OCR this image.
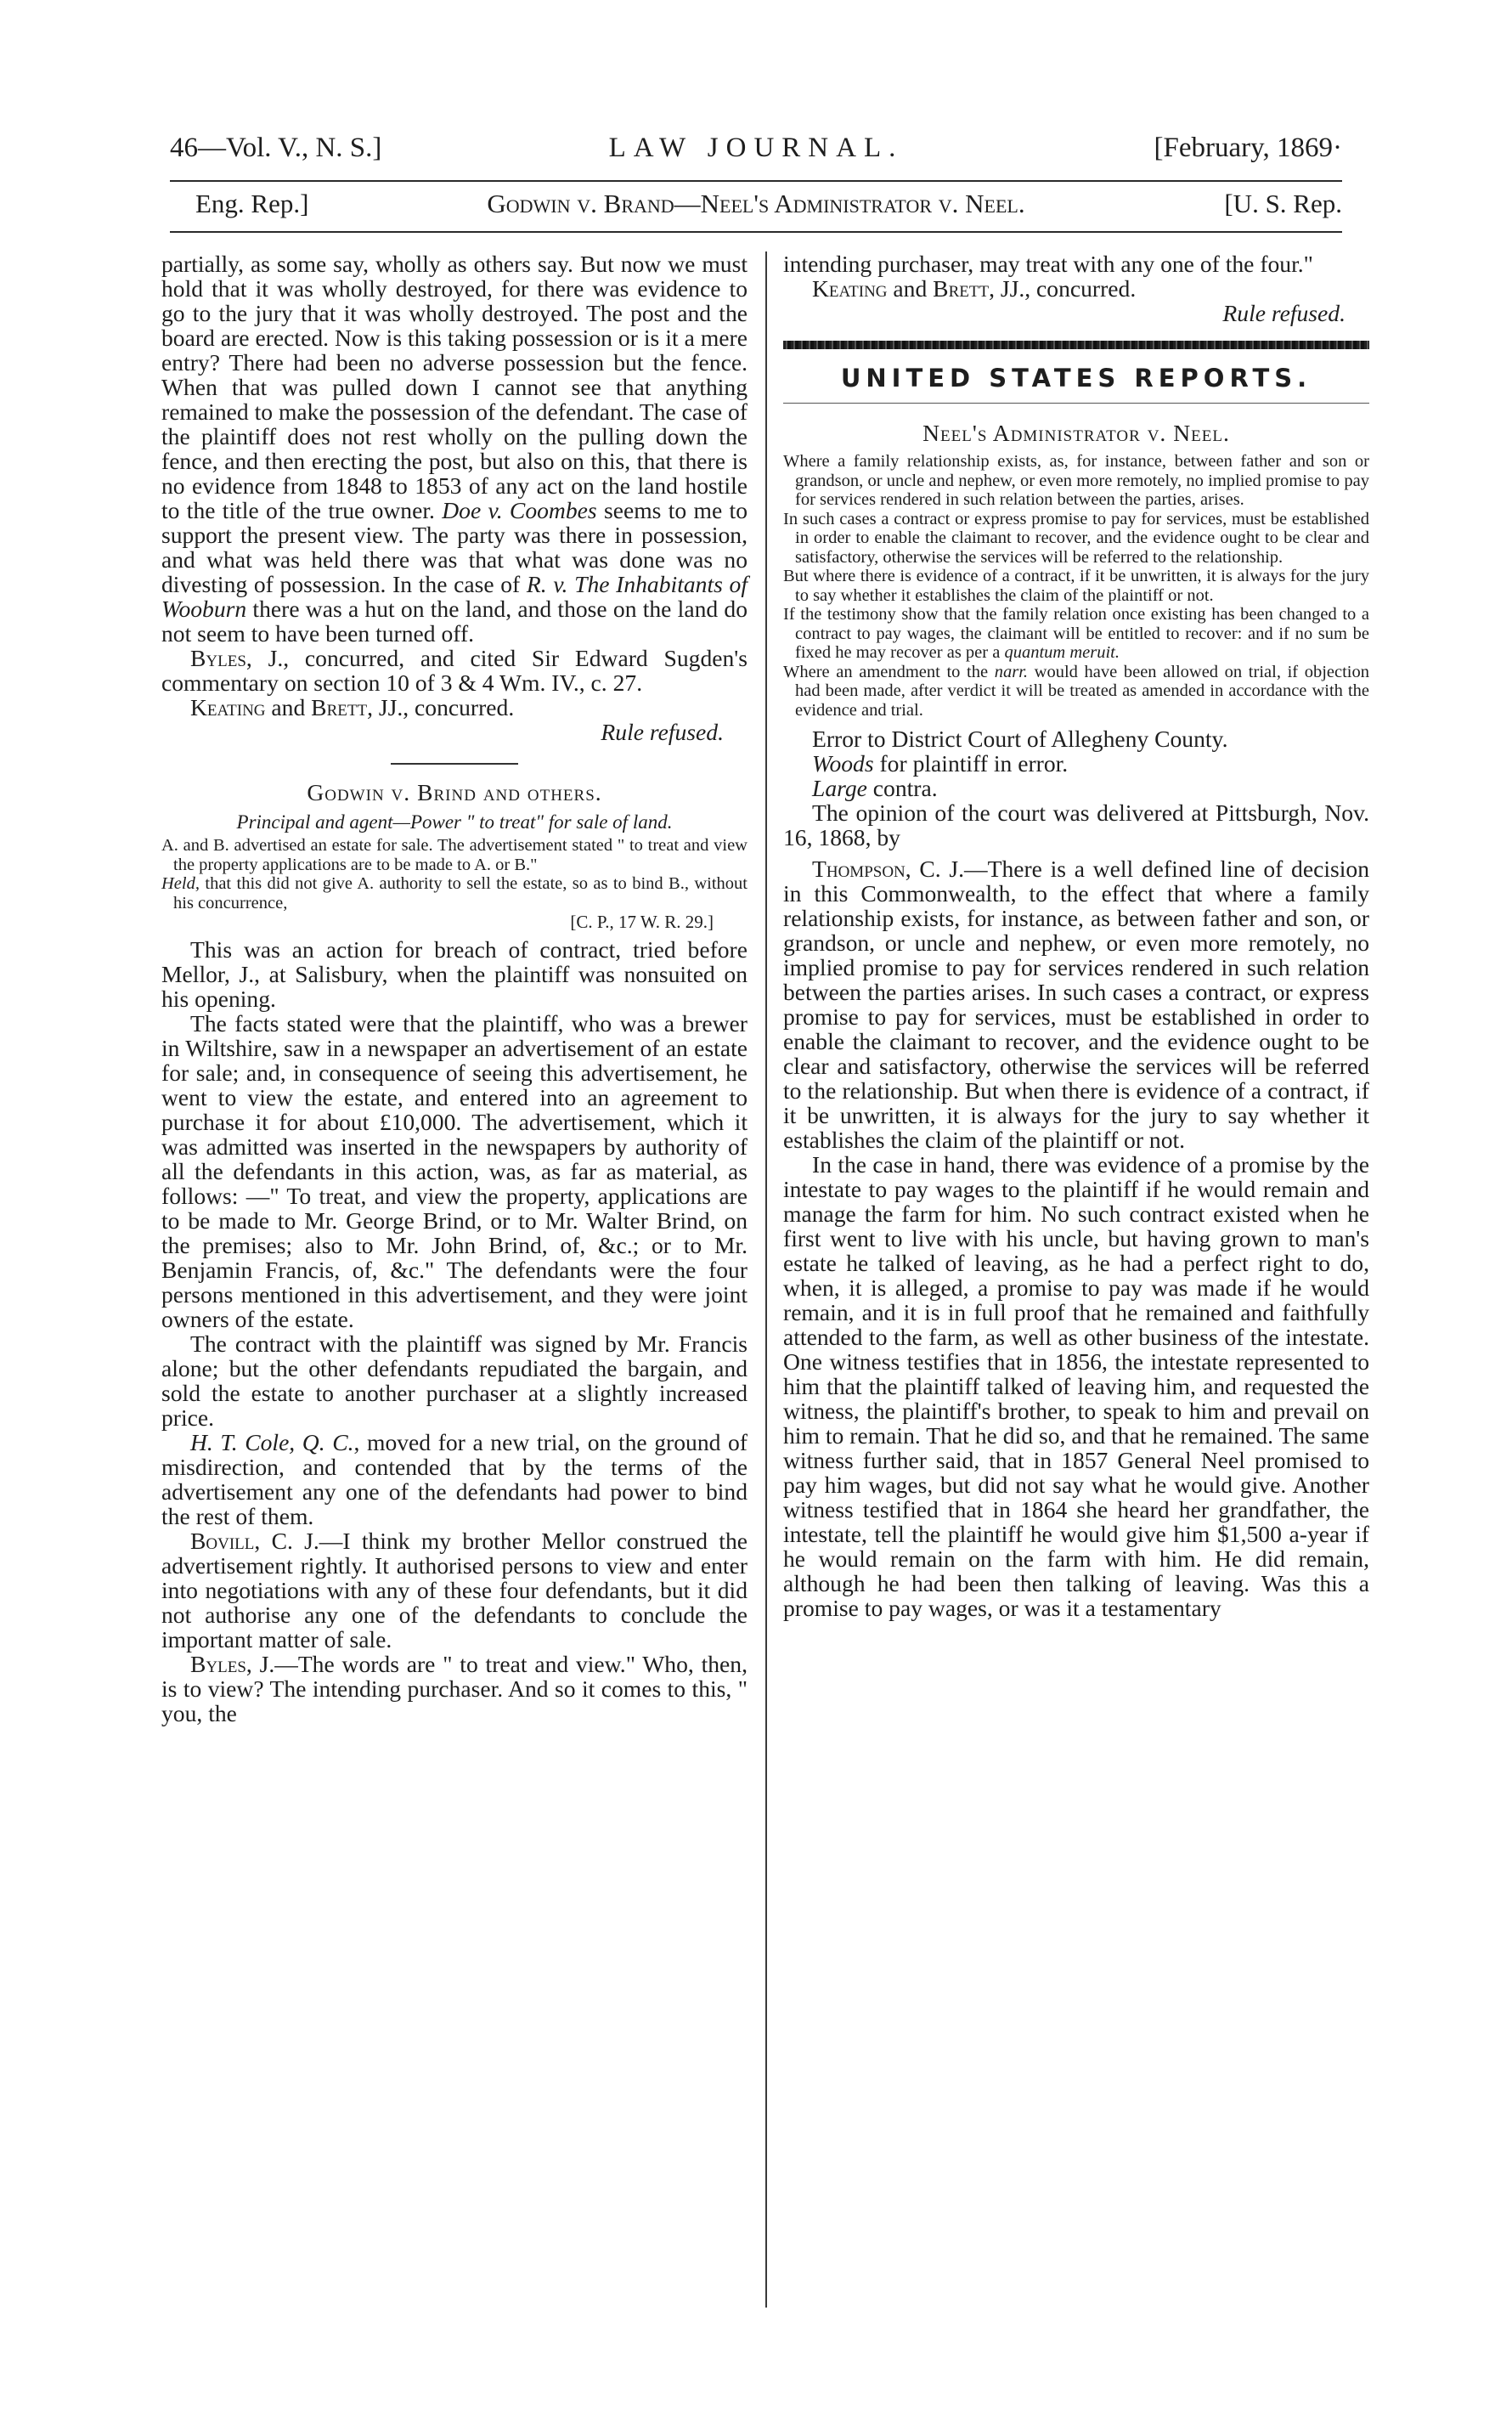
46—Vol. V., N. S.]	LAW JOURNAL.	[February, 1869·
Eng. Rep.]	Godwin v. Brand—Neel's Administrator v. Neel.	[U. S. Rep.

partially, as some say, wholly as others say. But now we must hold that it was wholly destroyed, for there was evidence to go to the jury that it was wholly destroyed. The post and the board are erected. Now is this taking possession or is it a mere entry? There had been no adverse possession but the fence. When that was pulled down I cannot see that anything remained to make the possession of the defendant. The case of the plaintiff does not rest wholly on the pulling down the fence, and then erecting the post, but also on this, that there is no evidence from 1848 to 1853 of any act on the land hostile to the title of the true owner. Doe v. Coombes seems to me to support the present view. The party was there in possession, and what was held there was that what was done was no divesting of possession. In the case of R. v. The Inhabitants of Wooburn there was a hut on the land, and those on the land do not seem to have been turned off.

Byles, J., concurred, and cited Sir Edward Sugden's commentary on section 10 of 3 & 4 Wm. IV., c. 27.

Keating and Brett, JJ., concurred.

Rule refused.

Godwin v. Brind and others.

Principal and agent—Power " to treat" for sale of land.

A. and B. advertised an estate for sale. The advertisement stated " to treat and view the property applications are to be made to A. or B."

Held, that this did not give A. authority to sell the estate, so as to bind B., without his concurrence,

[C. P., 17 W. R. 29.]

This was an action for breach of contract, tried before Mellor, J., at Salisbury, when the plaintiff was nonsuited on his opening.

The facts stated were that the plaintiff, who was a brewer in Wiltshire, saw in a newspaper an advertisement of an estate for sale; and, in consequence of seeing this advertisement, he went to view the estate, and entered into an agreement to purchase it for about £10,000. The advertisement, which it was admitted was inserted in the newspapers by authority of all the defendants in this action, was, as far as material, as follows: —" To treat, and view the property, applications are to be made to Mr. George Brind, or to Mr. Walter Brind, on the premises; also to Mr. John Brind, of, &c.; or to Mr. Benjamin Francis, of, &c." The defendants were the four persons mentioned in this advertisement, and they were joint owners of the estate.

The contract with the plaintiff was signed by Mr. Francis alone; but the other defendants repudiated the bargain, and sold the estate to another purchaser at a slightly increased price.

H. T. Cole, Q. C., moved for a new trial, on the ground of misdirection, and contended that by the terms of the advertisement any one of the defendants had power to bind the rest of them.

Bovill, C. J.—I think my brother Mellor construed the advertisement rightly. It authorised persons to view and enter into negotiations with any of these four defendants, but it did not authorise any one of the defendants to conclude the important matter of sale.

Byles, J.—The words are " to treat and view." Who, then, is to view? The intending purchaser. And so it comes to this, " you, the

intending purchaser, may treat with any one of the four."

Keating and Brett, JJ., concurred.

Rule refused.

UNITED STATES REPORTS.

Neel's Administrator v. Neel.

Where a family relationship exists, as, for instance, between father and son or grandson, or uncle and nephew, or even more remotely, no implied promise to pay for services rendered in such relation between the parties, arises.

In such cases a contract or express promise to pay for services, must be established in order to enable the claimant to recover, and the evidence ought to be clear and satisfactory, otherwise the services will be referred to the relationship.

But where there is evidence of a contract, if it be unwritten, it is always for the jury to say whether it establishes the claim of the plaintiff or not.

If the testimony show that the family relation once existing has been changed to a contract to pay wages, the claimant will be entitled to recover: and if no sum be fixed he may recover as per a quantum meruit.

Where an amendment to the narr. would have been allowed on trial, if objection had been made, after verdict it will be treated as amended in accordance with the evidence and trial.

Error to District Court of Allegheny County.

Woods for plaintiff in error.

Large contra.

The opinion of the court was delivered at Pittsburgh, Nov. 16, 1868, by

Thompson, C. J.—There is a well defined line of decision in this Commonwealth, to the effect that where a family relationship exists, for instance, as between father and son, or grandson, or uncle and nephew, or even more remotely, no implied promise to pay for services rendered in such relation between the parties arises. In such cases a contract, or express promise to pay for services, must be established in order to enable the claimant to recover, and the evidence ought to be clear and satisfactory, otherwise the services will be referred to the relationship. But when there is evidence of a contract, if it be unwritten, it is always for the jury to say whether it establishes the claim of the plaintiff or not.

In the case in hand, there was evidence of a promise by the intestate to pay wages to the plaintiff if he would remain and manage the farm for him. No such contract existed when he first went to live with his uncle, but having grown to man's estate he talked of leaving, as he had a perfect right to do, when, it is alleged, a promise to pay was made if he would remain, and it is in full proof that he remained and faithfully attended to the farm, as well as other business of the intestate. One witness testifies that in 1856, the intestate represented to him that the plaintiff talked of leaving him, and requested the witness, the plaintiff's brother, to speak to him and prevail on him to remain. That he did so, and that he remained. The same witness further said, that in 1857 General Neel promised to pay him wages, but did not say what he would give. Another witness testified that in 1864 she heard her grandfather, the intestate, tell the plaintiff he would give him $1,500 a-year if he would remain on the farm with him. He did remain, although he had been then talking of leaving. Was this a promise to pay wages, or was it a testamentary
